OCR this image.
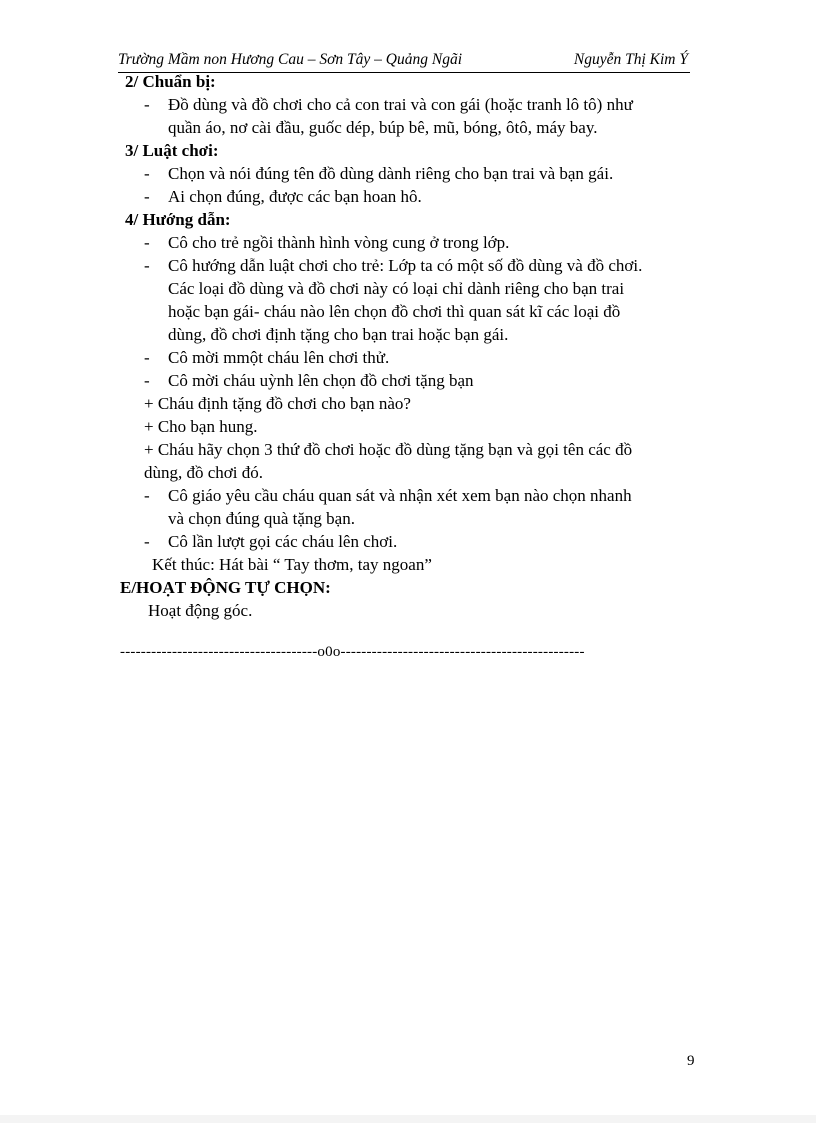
Trường Mầm non Hương Cau – Sơn Tây – Quảng Ngãi	Nguyễn Thị Kim Ý
2/ Chuẩn bị:
- Đồ dùng và đồ chơi cho cả con trai và con gái (hoặc tranh lô tô) như
quần áo, nơ cài đầu, guốc dép, búp bê, mũ, bóng, ôtô, máy bay.
3/ Luật chơi:
- Chọn và nói đúng tên đồ dùng dành riêng cho bạn trai và bạn gái.
- Ai chọn đúng, được các bạn hoan hô.
4/ Hướng dẫn:
- Cô cho trẻ ngồi thành hình vòng cung ở trong lớp.
- Cô hướng dẫn luật chơi cho trẻ: Lớp ta có một số đồ dùng và đồ chơi.
Các loại đồ dùng và đồ chơi này có loại chỉ dành riêng cho bạn trai
hoặc bạn gái- cháu nào lên chọn đồ chơi thì quan sát kĩ các loại đồ
dùng, đồ chơi định tặng cho bạn trai hoặc bạn gái.
- Cô mời mmột cháu lên chơi thử.
- Cô mời cháu uỳnh lên chọn đồ chơi tặng bạn
+ Cháu định tặng đồ chơi cho bạn nào?
+ Cho bạn hung.
+ Cháu hãy chọn 3 thứ đồ chơi hoặc đồ dùng tặng bạn và gọi tên các đồ
dùng, đồ chơi đó.
- Cô giáo yêu cầu cháu quan sát và nhận xét xem bạn nào chọn nhanh
và chọn đúng quà tặng bạn.
- Cô lần lượt gọi các cháu lên chơi.
Kết thúc: Hát bài “ Tay thơm, tay ngoan”
E/HOẠT ĐỘNG TỰ CHỌN:
Hoạt động góc.
--------------------------------------o0o-----------------------------------------------
9
